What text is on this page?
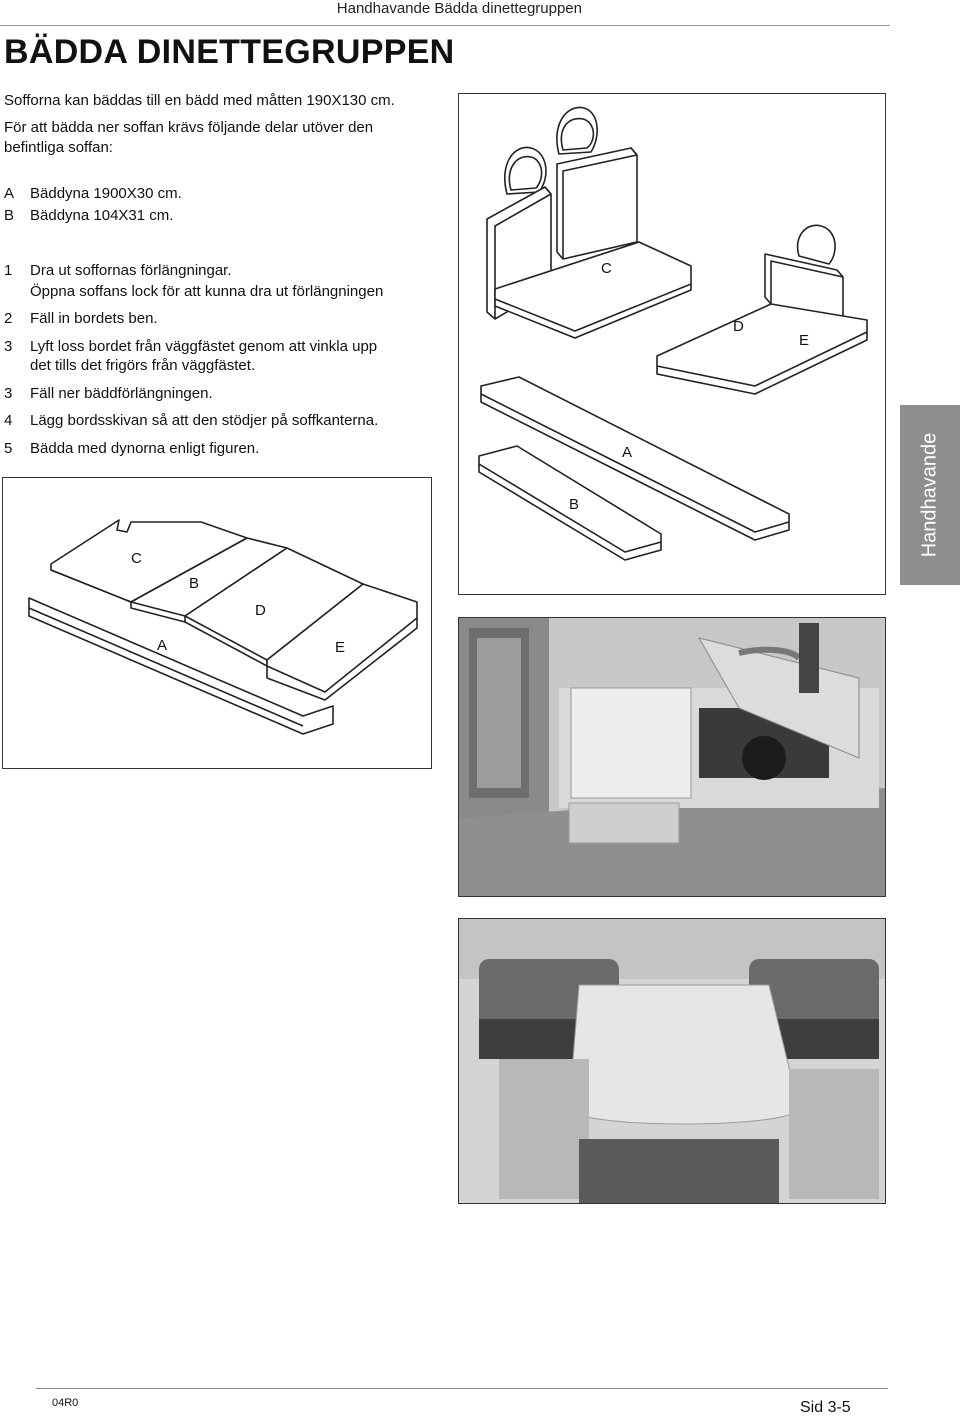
Handhavande Bädda dinettegruppen
BÄDDA DINETTEGRUPPEN
Sofforna kan bäddas till en bädd med måtten 190X130 cm.
För att bädda ner soffan krävs följande delar utöver den
befintliga soffan:
A Bäddyna 1900X30 cm.
B Bäddyna 104X31 cm.
1 Dra ut soffornas förlängningar.
Öppna soffans lock för att kunna dra ut förlängningen
2 Fäll in bordets ben.
3 Lyft loss bordet från väggfästet genom att vinkla upp
det tills det frigörs från väggfästet.
3 Fäll ner bäddförlängningen.
4 Lägg bordsskivan så att den stödjer på soffkanterna.
5 Bädda med dynorna enligt figuren.
C
D
E
A
B
C
B
D
A	E
Handhavande
04R0	Sid 3-5
